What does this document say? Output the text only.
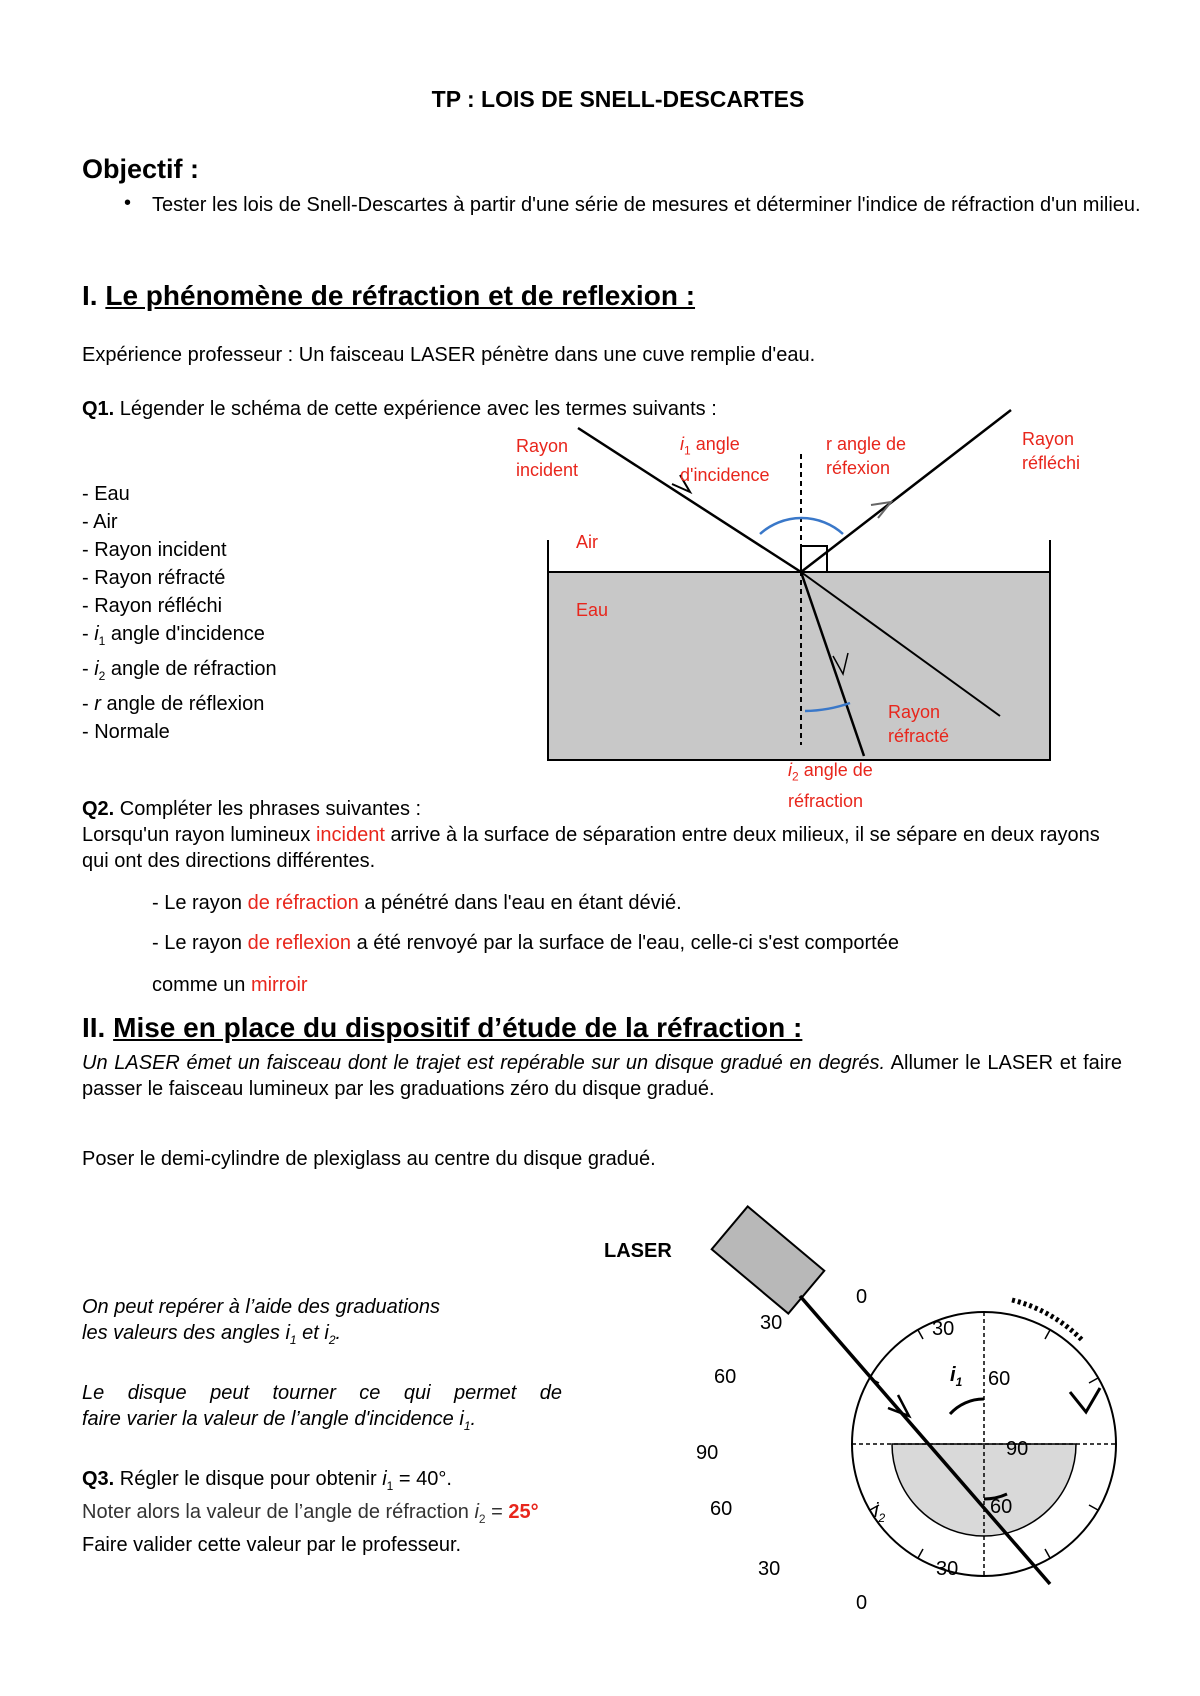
TP : LOIS DE SNELL-DESCARTES
Objectif :
• Tester les lois de Snell-Descartes à partir d'une série de mesures et déterminer l'indice de réfraction d'un milieu.
I. Le phénomène de réfraction et de reflexion :
Expérience professeur : Un faisceau LASER pénètre dans une cuve remplie d'eau.
Q1. Légender le schéma de cette expérience avec les termes suivants :
- Eau
- Air
- Rayon incident
- Rayon réfracté
- Rayon réfléchi
- $i_1$ angle d'incidence
- $i_2$ angle de réfraction
- r angle de réflexion
- Normale
Rayon
incident
$i_1$ angle
d'incidence
r angle de
réfexion
Rayon
réfléchi
Air
Eau
Rayon
réfracté
$i_2$ angle de
réfraction
Q2. Compléter les phrases suivantes :
Lorsqu'un rayon lumineux incident arrive à la surface de séparation entre deux milieux, il se sépare en deux rayons qui ont des directions différentes.
- Le rayon de réfraction a pénétré dans l'eau en étant dévié.
- Le rayon de reflexion a été renvoyé par la surface de l'eau, celle-ci s'est comportée
comme un mirroir
II. Mise en place du dispositif d’étude de la réfraction :
Un LASER émet un faisceau dont le trajet est repérable sur un disque gradué en degrés. Allumer le LASER et faire passer le faisceau lumineux par les graduations zéro du disque gradué.
Poser le demi-cylindre de plexiglass au centre du disque gradué.
On peut repérer à l’aide des graduations
les valeurs des angles $i_1$ et $i_2$.
Le disque peut tourner ce qui permet de
faire varier la valeur de l’angle d'incidence $i_1$.
Q3. Régler le disque pour obtenir $i_1 = 40^\circ$.
Noter alors la valeur de l’angle de réfraction $i_2 = 25^\circ$
Faire valider cette valeur par le professeur.
LASER
0
30	30
60	60
90	90
60	60
30	30
0
$i_1$
$i_2$
